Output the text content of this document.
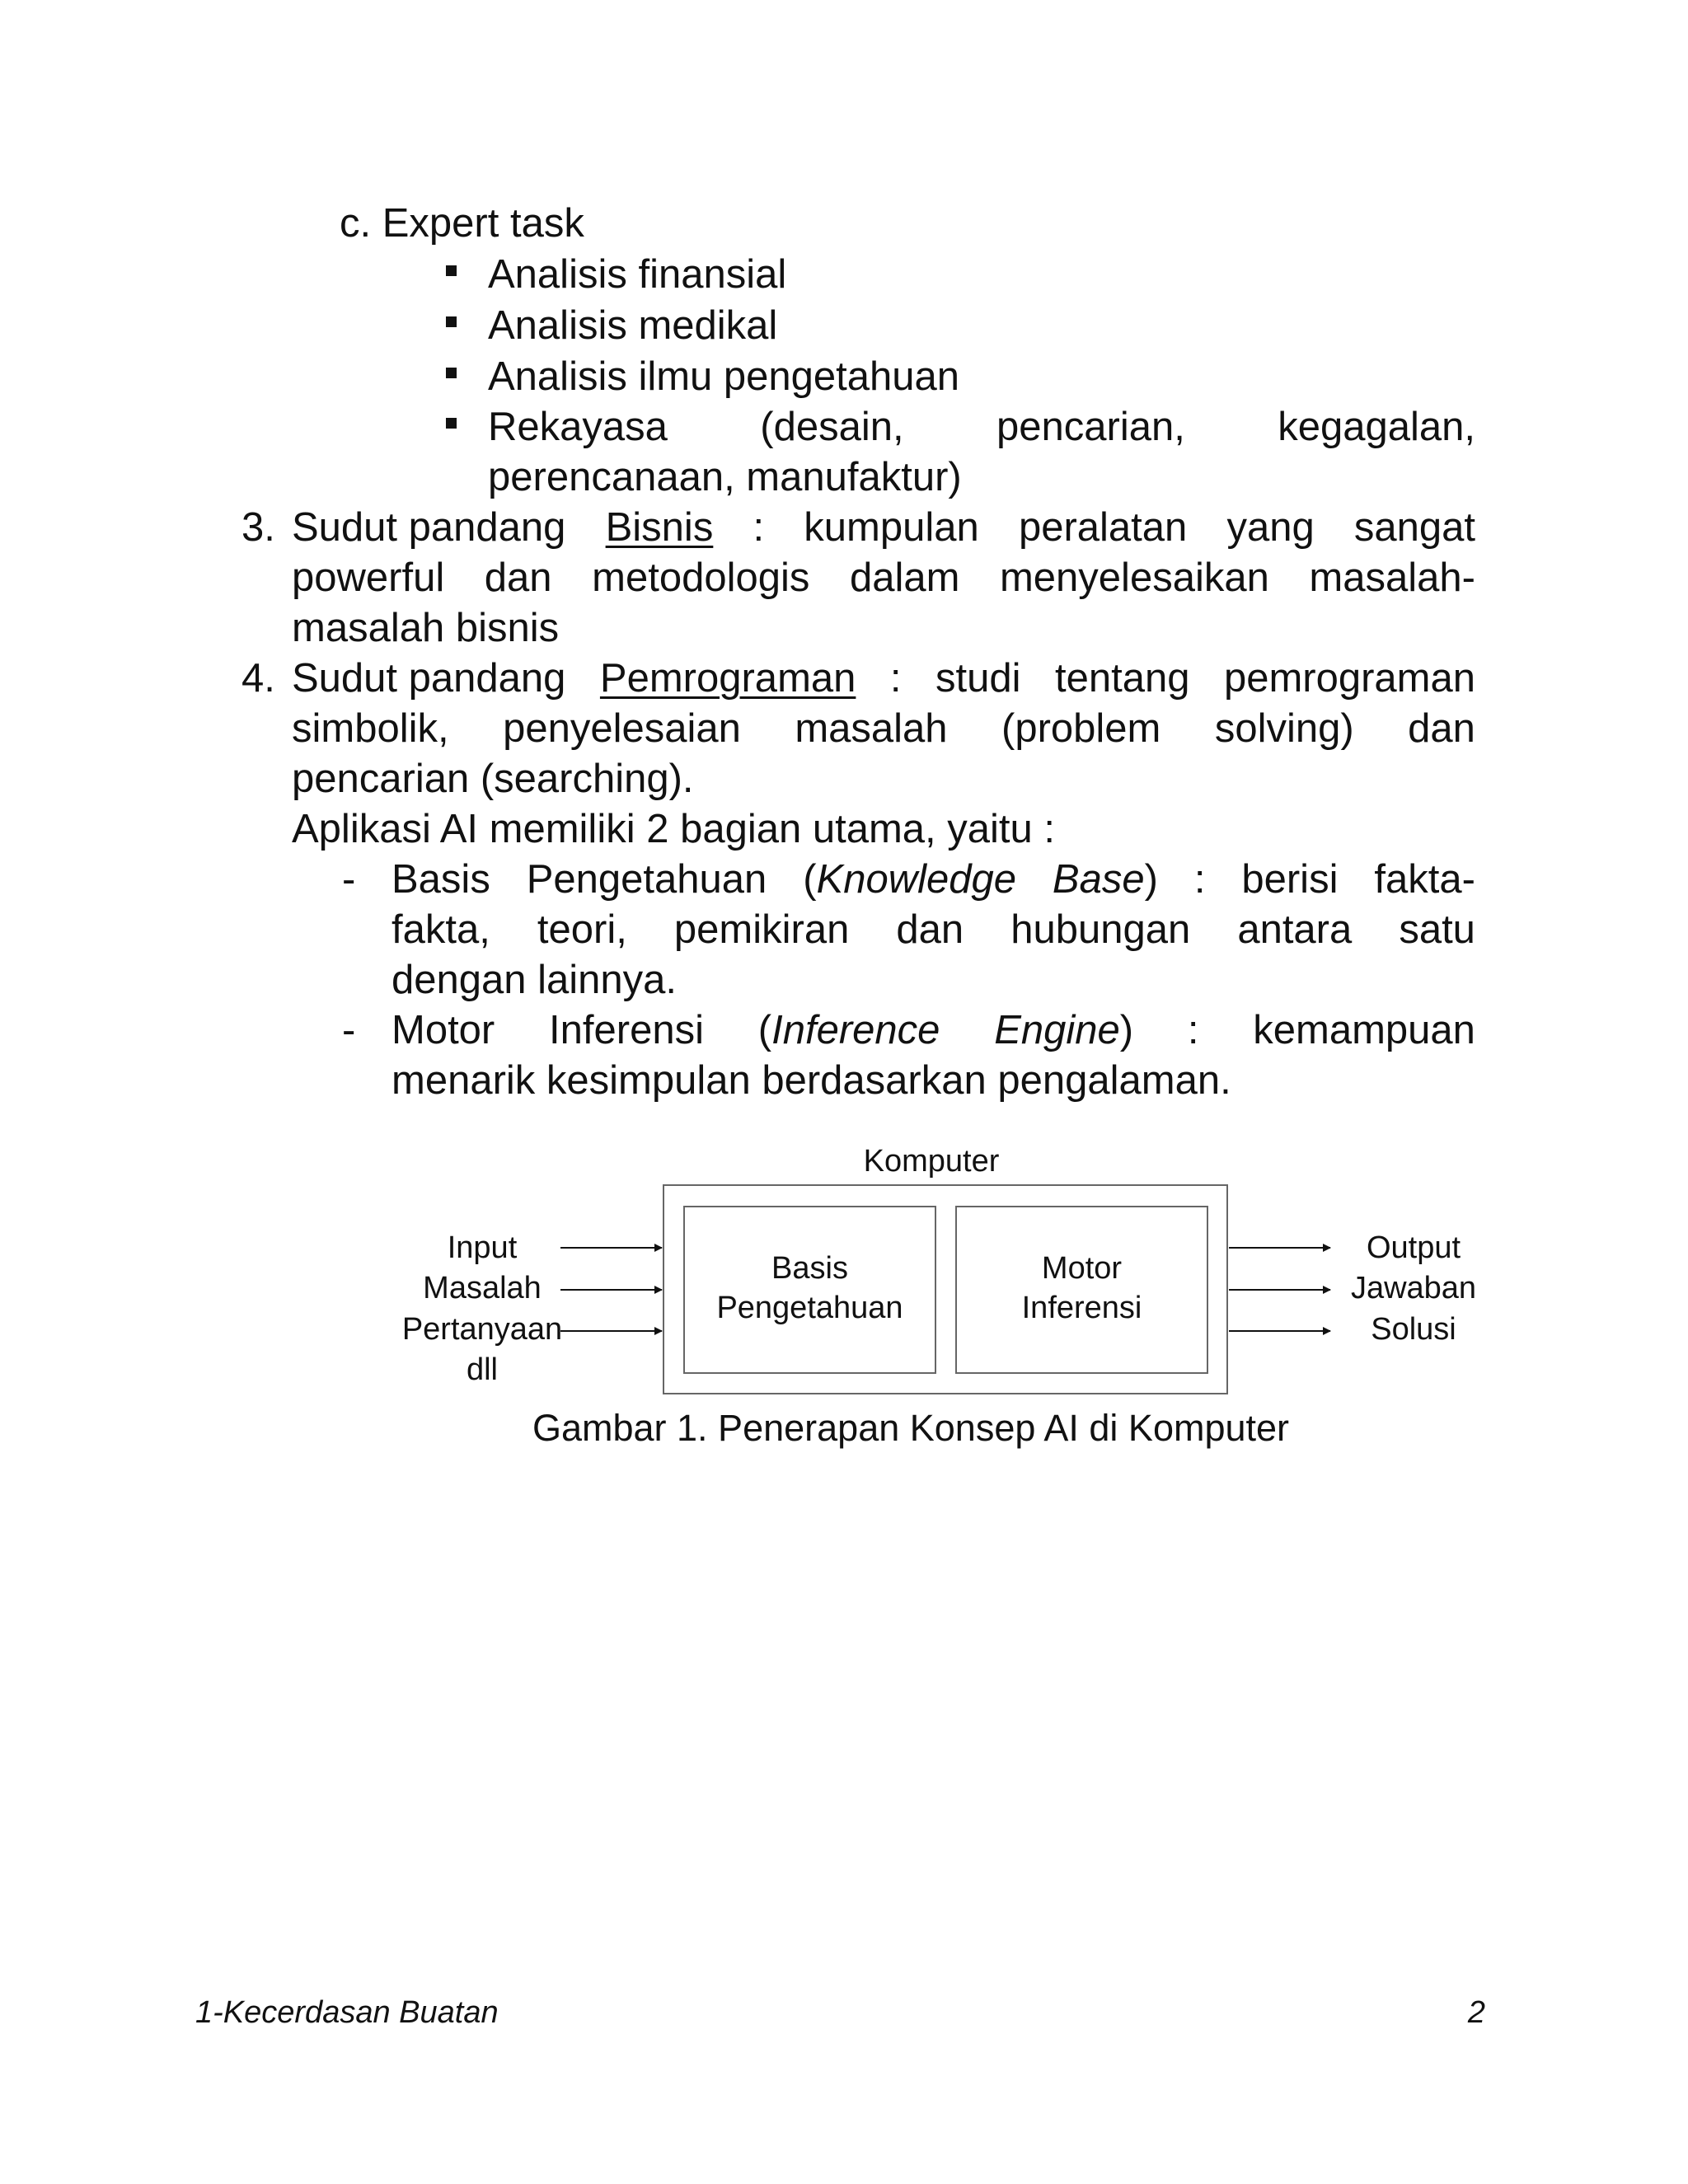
c. Expert task
Analisis finansial
Analisis medikal
Analisis ilmu pengetahuan
Rekayasa (desain, pencarian, kegagalan,
perencanaan, manufaktur)
3. Sudut pandang Bisnis : kumpulan peralatan yang sangat
powerful dan metodologis dalam menyelesaikan masalah-
masalah bisnis
4. Sudut pandang Pemrograman : studi tentang pemrograman
simbolik, penyelesaian masalah (problem solving) dan
pencarian (searching).
Aplikasi AI memiliki 2 bagian utama, yaitu :
- Basis Pengetahuan (Knowledge Base) : berisi fakta-
fakta, teori, pemikiran dan hubungan antara satu
dengan lainnya.
- Motor Inferensi (Inference Engine) : kemampuan
menarik kesimpulan berdasarkan pengalaman.
Komputer
Basis
Pengetahuan
Motor
Inferensi
Input
Masalah
Pertanyaan
dll
Output
Jawaban
Solusi
Gambar 1. Penerapan Konsep AI di Komputer
1-Kecerdasan Buatan	2
